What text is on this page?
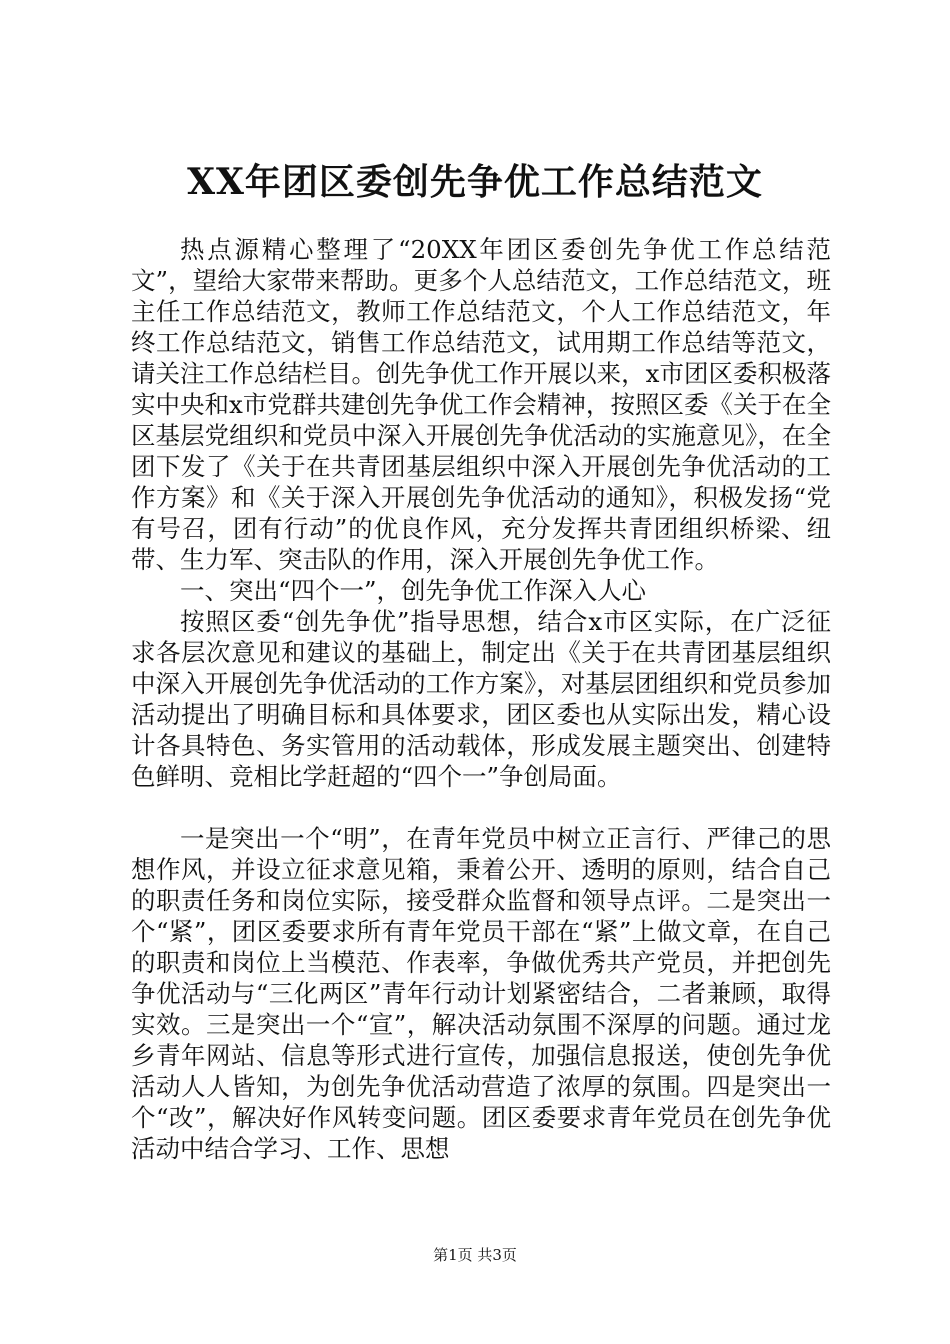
XX年团区委创先争优工作总结范文

热点源精心整理了“20XX年团区委创先争优工作总结范文”，望给大家带来帮助。更多个人总结范文，工作总结范文，班主任工作总结范文，教师工作总结范文，个人工作总结范文，年终工作总结范文，销售工作总结范文，试用期工作总结等范文，请关注工作总结栏目。创先争优工作开展以来，x市团区委积极落实中央和x市党群共建创先争优工作会精神，按照区委《关于在全区基层党组织和党员中深入开展创先争优活动的实施意见》，在全团下发了《关于在共青团基层组织中深入开展创先争优活动的工作方案》和《关于深入开展创先争优活动的通知》，积极发扬“党有号召，团有行动”的优良作风，充分发挥共青团组织桥梁、纽带、生力军、突击队的作用，深入开展创先争优工作。

一、突出“四个一”，创先争优工作深入人心

按照区委“创先争优”指导思想，结合x市区实际，在广泛征求各层次意见和建议的基础上，制定出《关于在共青团基层组织中深入开展创先争优活动的工作方案》，对基层团组织和党员参加活动提出了明确目标和具体要求，团区委也从实际出发，精心设计各具特色、务实管用的活动载体，形成发展主题突出、创建特色鲜明、竞相比学赶超的“四个一”争创局面。

一是突出一个“明”，在青年党员中树立正言行、严律己的思想作风，并设立征求意见箱，秉着公开、透明的原则，结合自己的职责任务和岗位实际，接受群众监督和领导点评。二是突出一个“紧”，团区委要求所有青年党员干部在“紧”上做文章，在自己的职责和岗位上当模范、作表率，争做优秀共产党员，并把创先争优活动与“三化两区”青年行动计划紧密结合，二者兼顾，取得实效。三是突出一个“宣”，解决活动氛围不深厚的问题。通过龙乡青年网站、信息等形式进行宣传，加强信息报送，使创先争优活动人人皆知，为创先争优活动营造了浓厚的氛围。四是突出一个“改”，解决好作风转变问题。团区委要求青年党员在创先争优活动中结合学习、工作、思想

第1页 共3页
